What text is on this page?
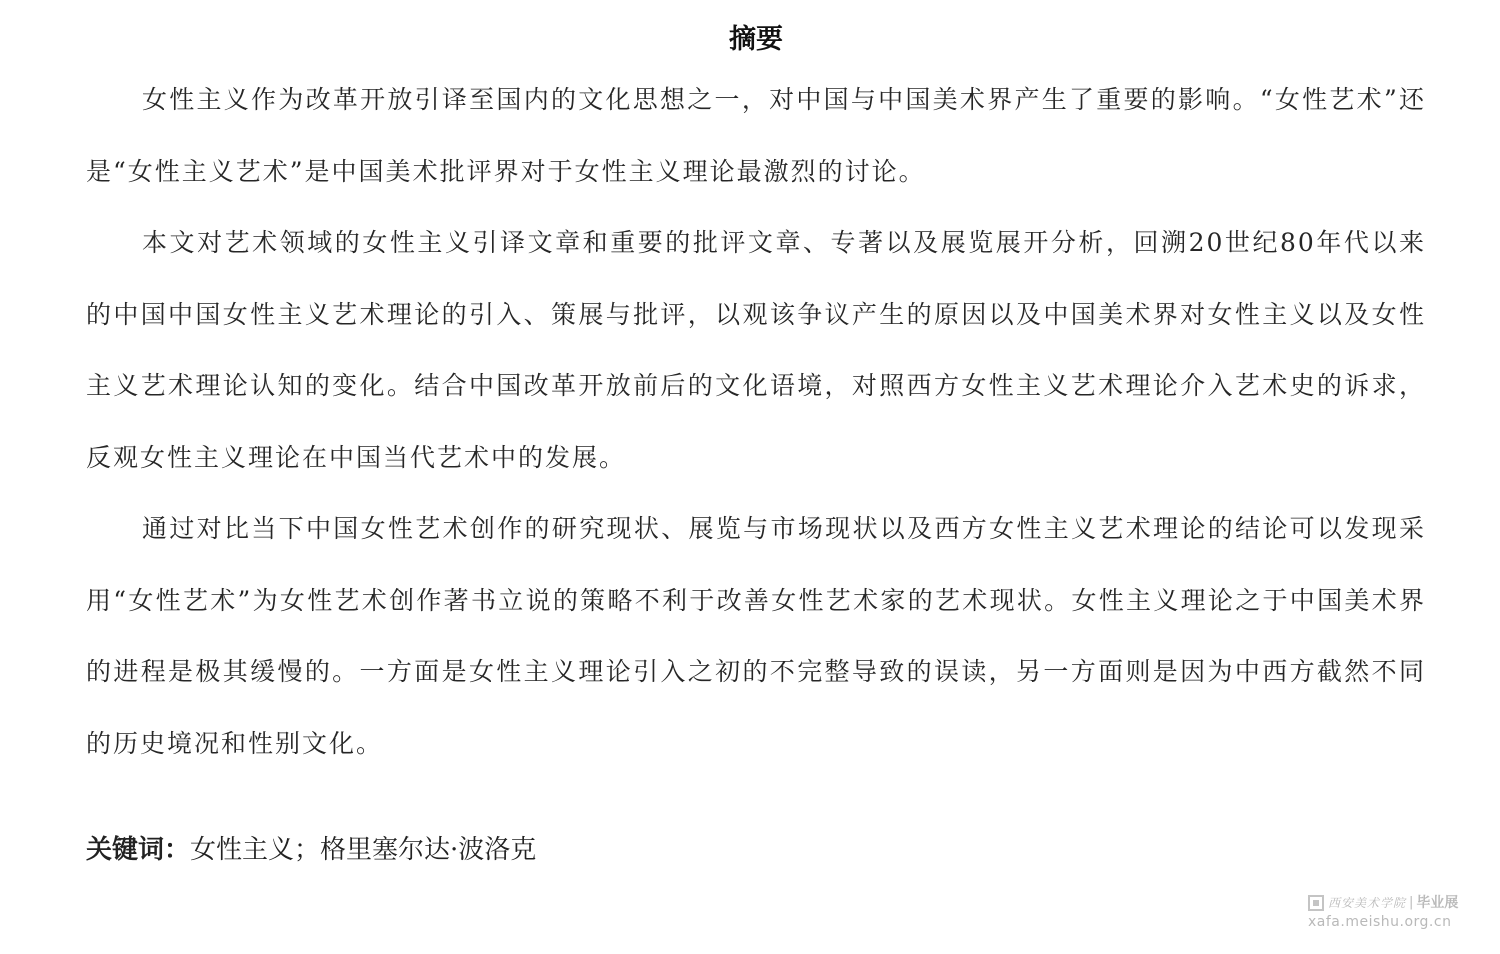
摘要

女性主义作为改革开放引译至国内的文化思想之一，对中国与中国美术界产生了重要的影响。“女性艺术”还是“女性主义艺术”是中国美术批评界对于女性主义理论最激烈的讨论。

本文对艺术领域的女性主义引译文章和重要的批评文章、专著以及展览展开分析，回溯20世纪80年代以来的中国中国女性主义艺术理论的引入、策展与批评，以观该争议产生的原因以及中国美术界对女性主义以及女性主义艺术理论认知的变化。结合中国改革开放前后的文化语境，对照西方女性主义艺术理论介入艺术史的诉求，反观女性主义理论在中国当代艺术中的发展。

通过对比当下中国女性艺术创作的研究现状、展览与市场现状以及西方女性主义艺术理论的结论可以发现采用“女性艺术”为女性艺术创作著书立说的策略不利于改善女性艺术家的艺术现状。女性主义理论之于中国美术界的进程是极其缓慢的。一方面是女性主义理论引入之初的不完整导致的误读，另一方面则是因为中西方截然不同的历史境况和性别文化。

关键词：女性主义；格里塞尔达·波洛克
西安美术学院 | 毕业展
xafa.meishu.org.cn
